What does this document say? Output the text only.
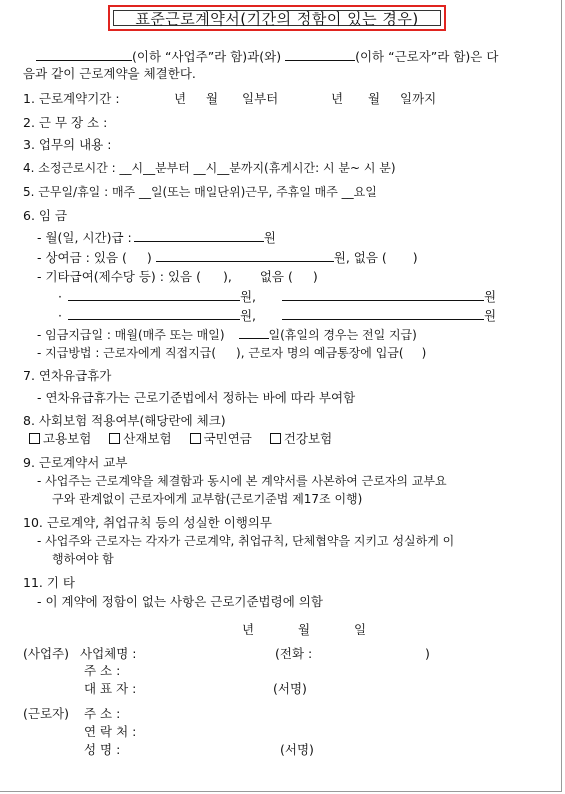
표준근로계약서(기간의 정함이 있는 경우)
(이하 “사업주”라 함)과(와)	(이하 “근로자”라 함)은 다
음과 같이 근로계약을 체결한다.
1. 근로계약기간 :	년 월 일부터	년 월 일까지
2. 근 무 장 소 :
3. 업무의 내용 :
4. 소정근로시간 : __시__분부터 __시__분까지(휴게시간: 시 분~ 시 분)
5. 근무일/휴일 : 매주 __일(또는 매일단위)근무, 주휴일 매주 __요일
6. 임 금
- 월(일, 시간)급 :	원
- 상여금 : 있음 ( )	원, 없음 ( )
- 기타급여(제수당 등) : 있음 ( ), 없음 ( )
·	원,	원
·	원,	원
- 임금지급일 : 매월(매주 또는 매일)	일(휴일의 경우는 전일 지급)
- 지급방법 : 근로자에게 직접지급( ), 근로자 명의 예금통장에 입금( )
7. 연차유급휴가
- 연차유급휴가는 근로기준법에서 정하는 바에 따라 부여함
8. 사회보험 적용여부(해당란에 체크)
고용보험	산재보험	국민연금	건강보험
9. 근로계약서 교부
- 사업주는 근로계약을 체결함과 동시에 본 계약서를 사본하여 근로자의 교부요
구와 관계없이 근로자에게 교부함(근로기준법 제17조 이행)
10. 근로계약, 취업규칙 등의 성실한 이행의무
- 사업주와 근로자는 각자가 근로계약, 취업규칙, 단체협약을 지키고 성실하게 이
행하여야 함
11. 기 타
- 이 계약에 정함이 없는 사항은 근로기준법령에 의함
년	월	일
(사업주) 사업체명 :	(전화 :	)
주 소 :
대 표 자 :	(서명)
(근로자) 주 소 :
연 락 처 :
성 명 :	(서명)
